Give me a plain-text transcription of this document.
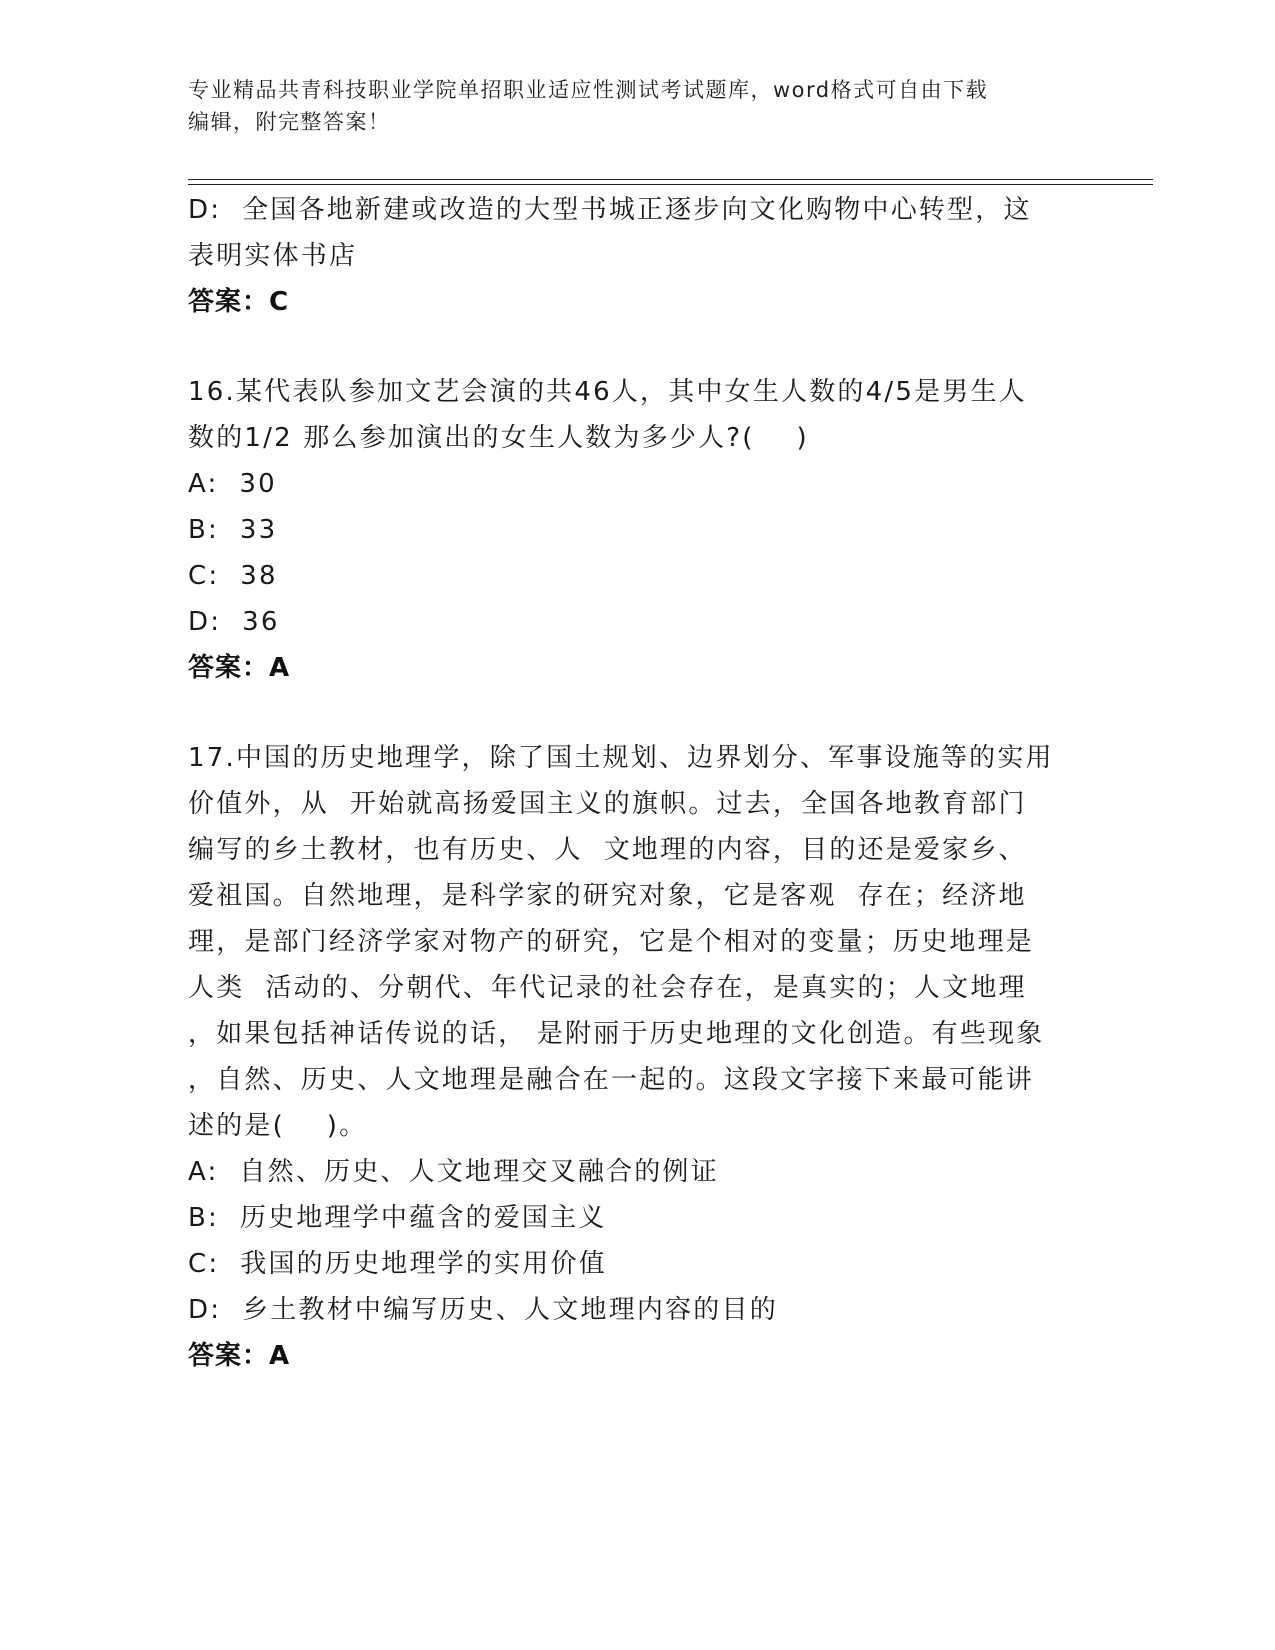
专业精品共青科技职业学院单招职业适应性测试考试题库，word格式可自由下载
编辑，附完整答案！
D:  全国各地新建或改造的大型书城正逐步向文化购物中心转型，这
表明实体书店
答案：C
16.某代表队参加文艺会演的共46人，其中女生人数的4/5是男生人
数的1/2 那么参加演出的女生人数为多少人?(    )
A:  30
B:  33
C:  38
D:  36
答案：A
17.中国的历史地理学，除了国土规划、边界划分、军事设施等的实用
价值外，从  开始就高扬爱国主义的旗帜。过去，全国各地教育部门
编写的乡土教材，也有历史、人  文地理的内容，目的还是爱家乡、
爱祖国。自然地理，是科学家的研究对象，它是客观  存在；经济地
理，是部门经济学家对物产的研究，它是个相对的变量；历史地理是
人类  活动的、分朝代、年代记录的社会存在，是真实的；人文地理
，如果包括神话传说的话， 是附丽于历史地理的文化创造。有些现象
，自然、历史、人文地理是融合在一起的。这段文字接下来最可能讲
述的是(    )。
A:  自然、历史、人文地理交叉融合的例证
B:  历史地理学中蕴含的爱国主义
C:  我国的历史地理学的实用价值
D:  乡土教材中编写历史、人文地理内容的目的
答案：A
